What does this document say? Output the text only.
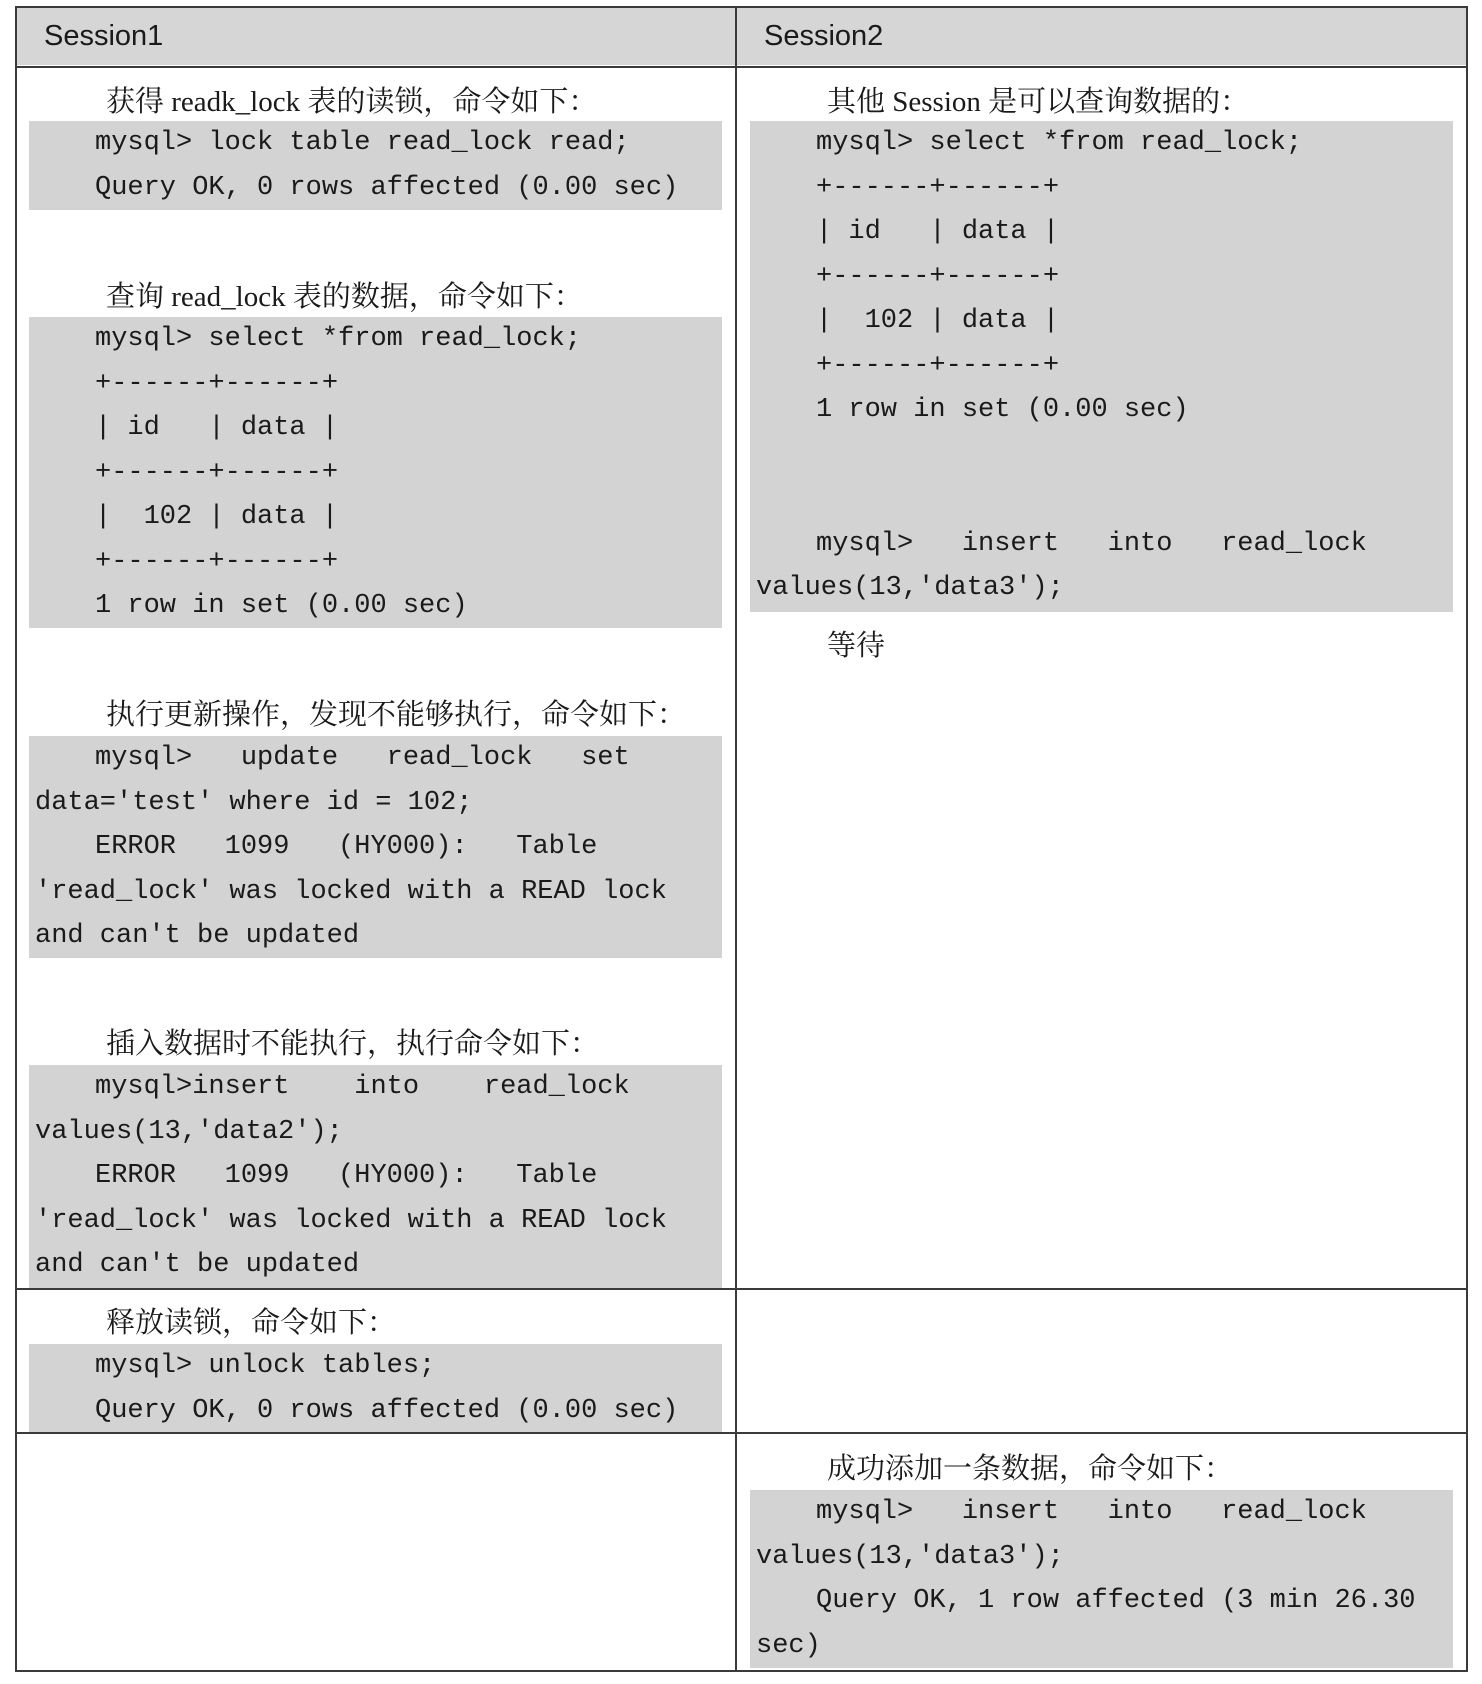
Session1	Session2
获得 readk_lock 表的读锁，命令如下：
mysql> lock table read_lock read;
Query OK, 0 rows affected (0.00 sec)
查询 read_lock 表的数据，命令如下：
mysql> select *from read_lock;
+------+------+
| id   | data |
+------+------+
|  102 | data |
+------+------+
1 row in set (0.00 sec)
执行更新操作，发现不能够执行，命令如下：
mysql>   update   read_lock   set
data='test' where id = 102;
ERROR   1099   (HY000):   Table
'read_lock' was locked with a READ lock
and can't be updated
插入数据时不能执行，执行命令如下：
mysql>insert    into    read_lock
values(13,'data2');
ERROR   1099   (HY000):   Table
'read_lock' was locked with a READ lock
and can't be updated
释放读锁，命令如下：
mysql> unlock tables;
Query OK, 0 rows affected (0.00 sec)
其他 Session 是可以查询数据的：
mysql> select *from read_lock;
+------+------+
| id   | data |
+------+------+
|  102 | data |
+------+------+
1 row in set (0.00 sec)
mysql>   insert   into   read_lock
values(13,'data3');
等待
成功添加一条数据，命令如下：
mysql>   insert   into   read_lock
values(13,'data3');
Query OK, 1 row affected (3 min 26.30
sec)
